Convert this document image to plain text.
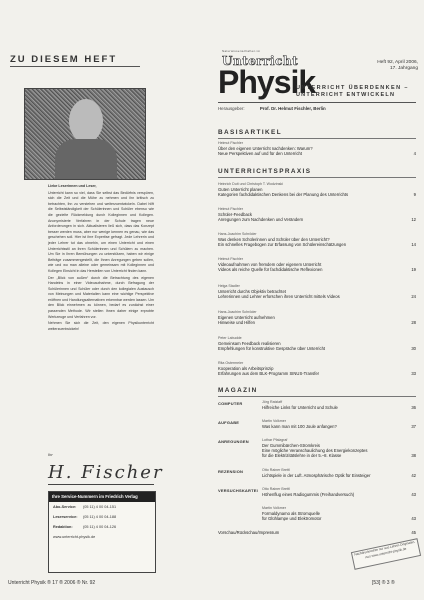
ZU DIESEM HEFT
Liebe Leserinnen und Leser,

Unterricht kann so viel, dass Sie selbst das Bedürfnis verspüren, sich die Zeit und die Mühe zu nehmen und ihn kritisch zu betrachten, ihn zu verstehen und weiterzuentwickeln. Dabei hilft die Selbstständigkeit der Schülerinnen und Schüler ebenso wie die gezielte Rückmeldung durch Kolleginnen und Kollegen. Anonymisierte Verfahren in der Schule tragen neue Anforderungen in sich. Aktualisieren ließ sich, dass das Konzept besser werden muss, aber nur wenige kennen es genau, wie das geschehen soll. Hier ist ihre Expertise gefragt. Jede Lehrerin und jeder Lehrer tut das ohnehin, um einen Unterricht und einen Unterrichtsstil an ihren Schülerinnen und Schülern zu machen. Um Sie in Ihren Bemühungen zu unterstützen, haben wir einige Beiträge zusammengestellt, die Ihnen Anregungen geben sollen, wie und wo man alleine oder gemeinsam mit Kolleginnen und Kollegen Einsicht in das Herstellen von Unterricht finden kann.

Der „Blick von außen“ durch die Betrachtung des eigenen Handelns in einer Videoaufnahme, durch Befragung der Schülerinnen und Schüler oder durch den kollegialen Austausch von Meinungen und Materialien kann eine wichtige Perspektive eröffnen und Handlungsalternativen erkennbar werden lassen. Um den Blick einnehmen zu können, bedarf es zunächst einer passenden Methode. Wir stellen Ihnen daher einige erprobte Werkzeuge und Verfahren vor.

Nehmen Sie sich die Zeit, den eigenen Physikunterricht weiterzuentwickeln!

Ihr
H. Fischer
Ihre Service-Nummern im Friedrich Verlag
Abo-Service:	(05 11) 4 00 04-151
Leserservice:	(05 11) 4 00 04-188
Redaktion:	(05 11) 4 00 04-126
www.unterricht-physik.de
Unterricht Physik ® 17 ® 2006 ® Nr. 92
Naturwissenschaften im
Unterricht
Physik
Heft 92, April 2006,
17. Jahrgang
UNTERRICHT ÜBERDENKEN –
UNTERRICHT ENTWICKELN
Herausgeber:	Prof. Dr. Helmut Fischler, Berlin
BASISARTIKEL
Helmut Fischler
Über den eigenen Unterricht nachdenken: Warum?
Neue Perspektiven auf und für den Unterricht	4
UNTERRICHTSPRAXIS
Heinrich Duit und Christoph T. Wodzinski
Guten Unterricht planen
Kategorien fachdidaktischen Denkens bei der Planung des Unterrichts	9
Helmut Fischler
Schüler-Feedback
Anregungen zum Nachdenken und Verändern	12
Hans-Joachim Schröder
Was denken Schülerinnen und Schüler über den Unterricht?
Ein schnelles Fragebogen zur Erfassung von Schülereinschätzungen	14
Helmut Fischler
Videoaufnahmen von fremdem oder eigenem Unterricht
Videos als reiche Quelle für fachdidaktische Reflexionen	19
Helga Stadler
Unterricht durchs Objektiv betrachtet
Lehrerinnen und Lehrer erforschen ihren Unterricht mittels Videos	24
Hans-Joachim Schröder
Eigenen Unterricht aufnehmen
Hinweise und Hilfen	28
Peter Labudde
Gemeinsam Feedback realisieren
Empfehlungen für konstruktive Gespräche über Unterricht	30
Rita Ostermeier
Kooperation als Arbeitsprinzip
Erfahrungen aus dem BLK-Programm SINUS-Transfer	33
MAGAZIN
COMPUTER	Jörg Ratzlaff
Hilfreiche Links für Unterricht und Schule	36
AUFGABE	Martin Volkmer
Was kann man mit 100 Joule anfangen?	37
ANREGUNGEN	Lothar Pfalzgraf
Der Gummibärchen-Stromkreis
Eine mögliche Veranschaulichung des Energiekonzeptes
für die Elektrizitätslehre in der 5.–8. Klasse	38
REZENSION	Otto Rainer Brettl
Lichtspiele in der Luft. Atmosphärische Optik für Einsteiger	42
VERSUCHSKARTEI Otto Rainer Brettl
Höhenflug eines Radiogummis (Freihandversuch)	43
Martin Volkmer
Formaldynamo als Stromquelle
für Glühlampe und Elektromotor	43
Vorschau/Rückschau/Impressum	45
Nachdruckrechte nur aus Lehrer-Originalen. Aus www.unterricht-physik.de
[53] ® 3 ®
